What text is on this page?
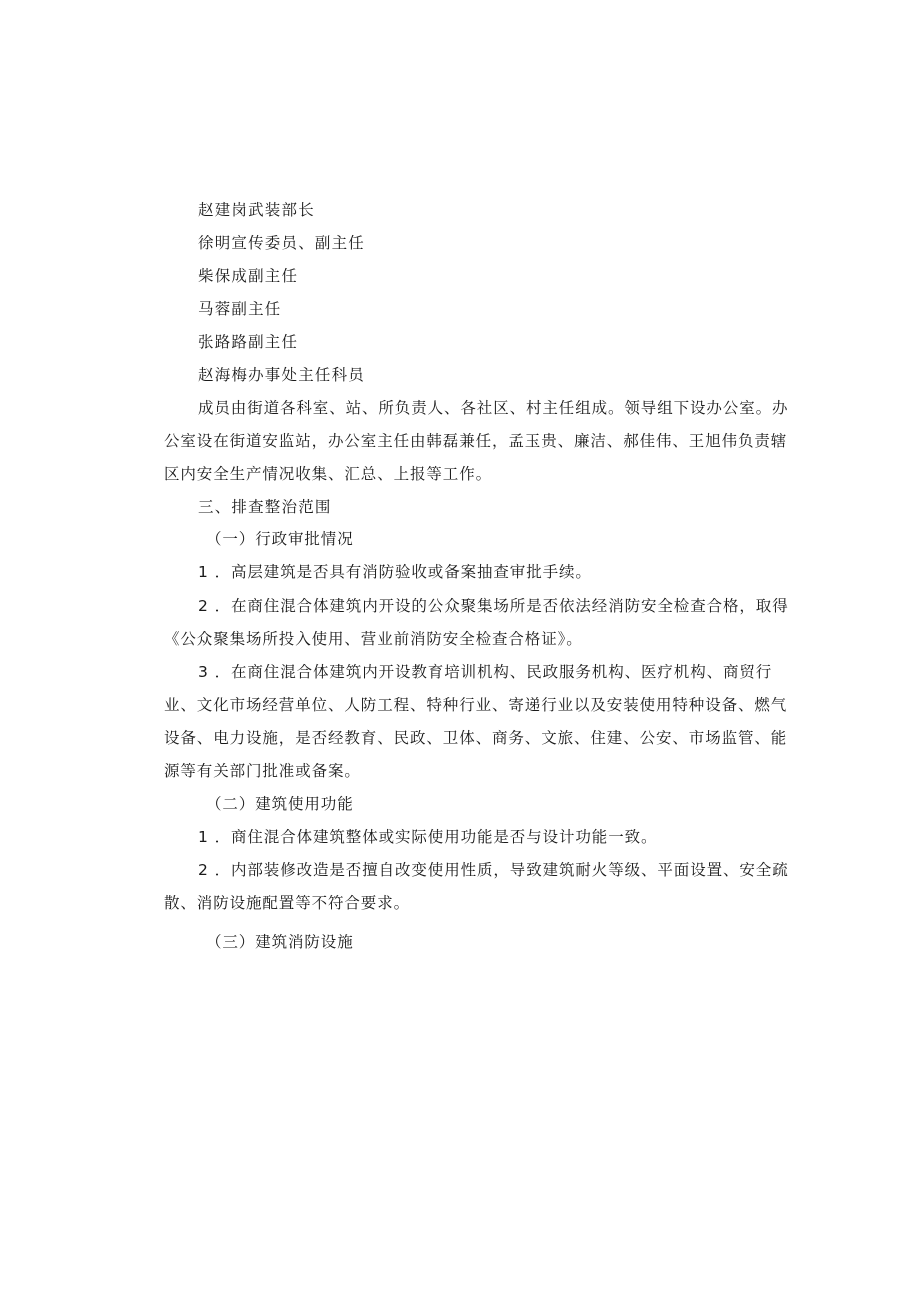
赵建岗武装部长
徐明宣传委员、副主任
柴保成副主任
马蓉副主任
张路路副主任
赵海梅办事处主任科员
成员由街道各科室、站、所负责人、各社区、村主任组成。领导组下设办公室。办
公室设在街道安监站，办公室主任由韩磊兼任，孟玉贵、廉洁、郝佳伟、王旭伟负责辖
区内安全生产情况收集、汇总、上报等工作。
三、排查整治范围
（一）行政审批情况
1 ．高层建筑是否具有消防验收或备案抽查审批手续。
2 ．在商住混合体建筑内开设的公众聚集场所是否依法经消防安全检查合格，取得
《公众聚集场所投入使用、营业前消防安全检查合格证》。
3 ．在商住混合体建筑内开设教育培训机构、民政服务机构、医疗机构、商贸行
业、文化市场经营单位、人防工程、特种行业、寄递行业以及安装使用特种设备、燃气
设备、电力设施，是否经教育、民政、卫体、商务、文旅、住建、公安、市场监管、能
源等有关部门批准或备案。
（二）建筑使用功能
1 ．商住混合体建筑整体或实际使用功能是否与设计功能一致。
2 ．内部装修改造是否擅自改变使用性质，导致建筑耐火等级、平面设置、安全疏
散、消防设施配置等不符合要求。
（三）建筑消防设施
